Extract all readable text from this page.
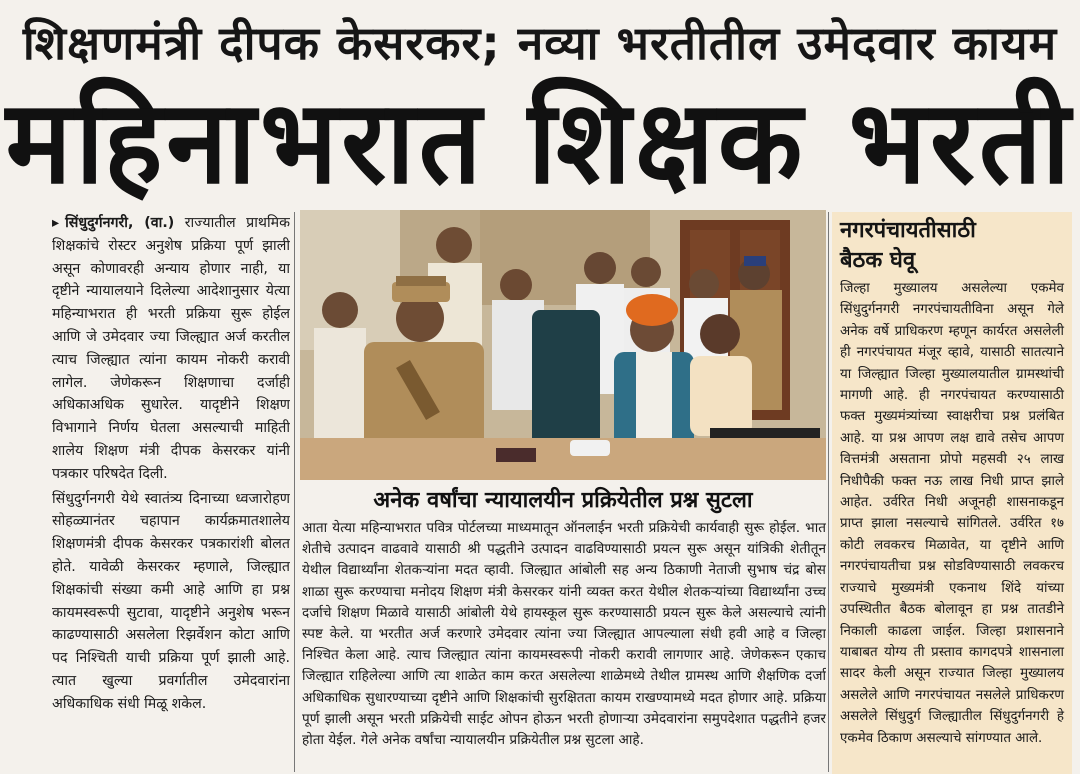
शिक्षणमंत्री दीपक केसरकर; नव्या भरतीतील उमेदवार कायम
महिनाभरात शिक्षक भरती

▸ सिंधुदुर्गनगरी, (वा.) राज्यातील प्राथमिक शिक्षकांचे रोस्टर अनुशेष प्रक्रिया पूर्ण झाली असून कोणावरही अन्याय होणार नाही, या दृष्टीने न्यायालयाने दिलेल्या आदेशानुसार येत्या महिन्याभरात ही भरती प्रक्रिया सुरू होईल आणि जे उमेदवार ज्या जिल्ह्यात अर्ज करतील त्याच जिल्ह्यात त्यांना कायम नोकरी करावी लागेल. जेणेकरून शिक्षणाचा दर्जाही अधिकाअधिक सुधारेल. यादृष्टीने शिक्षण विभागाने निर्णय घेतला असल्याची माहिती शालेय शिक्षण मंत्री दीपक केसरकर यांनी पत्रकार परिषदेत दिली.

सिंधुदुर्गनगरी येथे स्वातंत्र्य दिनाच्या ध्वजारोहण सोहळ्यानंतर चहापान कार्यक्रमातशालेय शिक्षणमंत्री दीपक केसरकर पत्रकारांशी बोलत होते. यावेळी केसरकर म्हणाले, जिल्ह्यात शिक्षकांची संख्या कमी आहे आणि हा प्रश्न कायमस्वरूपी सुटावा, यादृष्टीने अनुशेष भरून काढण्यासाठी असलेला रिझर्वेशन कोटा आणि पद निश्चिती याची प्रक्रिया पूर्ण झाली आहे. त्यात खुल्या प्रवर्गातील उमेदवारांना अधिकाधिक संधी मिळू शकेल.

अनेक वर्षांचा न्यायालयीन प्रक्रियेतील प्रश्न सुटला

आता येत्या महिन्याभरात पवित्र पोर्टलच्या माध्यमातून ऑनलाईन भरती प्रक्रियेची कार्यवाही सुरू होईल. भात शेतीचे उत्पादन वाढवावे यासाठी श्री पद्धतीने उत्पादन वाढविण्यासाठी प्रयत्न सुरू असून यांत्रिकी शेतीतून येथील विद्यार्थ्यांना शेतकऱ्यांना मदत व्हावी. जिल्ह्यात आंबोली सह अन्य ठिकाणी नेताजी सुभाष चंद्र बोस शाळा सुरू करण्याचा मनोदय शिक्षण मंत्री केसरकर यांनी व्यक्त करत येथील शेतकऱ्यांच्या विद्यार्थ्यांना उच्च दर्जाचे शिक्षण मिळावे यासाठी आंबोली येथे हायस्कूल सुरू करण्यासाठी प्रयत्न सुरू केले असल्याचे त्यांनी स्पष्ट केले. या भरतीत अर्ज करणारे उमेदवार त्यांना ज्या जिल्ह्यात आपल्याला संधी हवी आहे व जिल्हा निश्चित केला आहे. त्याच जिल्ह्यात त्यांना कायमस्वरूपी नोकरी करावी लागणार आहे. जेणेकरून एकाच जिल्ह्यात राहिलेल्या आणि त्या शाळेत काम करत असलेल्या शाळेमध्ये तेथील ग्रामस्थ आणि शैक्षणिक दर्जा अधिकाधिक सुधारण्याच्या दृष्टीने आणि शिक्षकांची सुरक्षितता कायम राखण्यामध्ये मदत होणार आहे. प्रक्रिया पूर्ण झाली असून भरती प्रक्रियेची साईट ओपन होऊन भरती होणाऱ्या उमेदवारांना समुपदेशात पद्धतीने हजर होता येईल. गेले अनेक वर्षांचा न्यायालयीन प्रक्रियेतील प्रश्न सुटला आहे.

नगरपंचायतीसाठी
बैठक घेवू

जिल्हा मुख्यालय असलेल्या एकमेव सिंधुदुर्गनगरी नगरपंचायतीविना असून गेले अनेक वर्षे प्राधिकरण म्हणून कार्यरत असलेली ही नगरपंचायत मंजूर व्हावे, यासाठी सातत्याने या जिल्ह्यात जिल्हा मुख्यालयातील ग्रामस्थांची मागणी आहे. ही नगरपंचायत करण्यासाठी फक्त मुख्यमंत्र्यांच्या स्वाक्षरीचा प्रश्न प्रलंबित आहे. या प्रश्न आपण लक्ष द्यावे तसेच आपण वित्तमंत्री असताना प्रोपो महसवी २५ लाख निधीपैकी फक्त नऊ लाख निधी प्राप्त झाले आहेत. उर्वरित निधी अजूनही शासनाकडून प्राप्त झाला नसल्याचे सांगितले. उर्वरित १७ कोटी लवकरच मिळावेत, या दृष्टीने आणि नगरपंचायतीचा प्रश्न सोडविण्यासाठी लवकरच राज्याचे मुख्यमंत्री एकनाथ शिंदे यांच्या उपस्थितीत बैठक बोलावून हा प्रश्न तातडीने निकाली काढला जाईल. जिल्हा प्रशासनाने याबाबत योग्य ती प्रस्ताव कागदपत्रे शासनाला सादर केली असून राज्यात जिल्हा मुख्यालय असलेले आणि नगरपंचायत नसलेले प्राधिकरण असलेले सिंधुदुर्ग जिल्ह्यातील सिंधुदुर्गनगरी हे एकमेव ठिकाण असल्याचे सांगण्यात आले.
